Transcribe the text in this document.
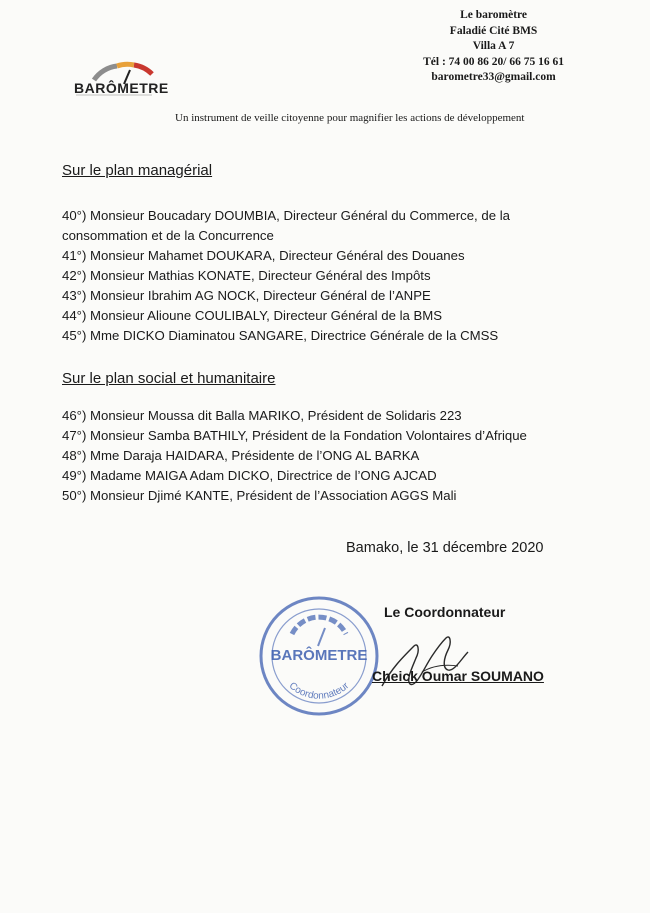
BARÔMETRE
Le baromètre
Faladié Cité BMS
Villa A 7
Tél : 74 00 86 20/ 66 75 16 61
barometre33@gmail.com
Un instrument de veille citoyenne pour magnifier les actions de développement
Sur le plan managérial

40°) Monsieur Boucadary DOUMBIA, Directeur Général du Commerce, de la consommation et de la Concurrence

41°) Monsieur Mahamet DOUKARA, Directeur Général des Douanes

42°) Monsieur Mathias KONATE, Directeur Général des Impôts

43°) Monsieur Ibrahim AG NOCK, Directeur Général de l’ANPE

44°) Monsieur Alioune COULIBALY, Directeur Général de la BMS

45°) Mme DICKO Diaminatou SANGARE, Directrice Générale de la CMSS

Sur le plan social et humanitaire

46°) Monsieur Moussa dit Balla MARIKO, Président de Solidaris 223

47°) Monsieur Samba BATHILY, Président de la Fondation Volontaires d’Afrique

48°) Mme Daraja HAIDARA, Présidente de l’ONG AL BARKA

49°) Madame MAIGA Adam DICKO, Directrice de l’ONG AJCAD

50°) Monsieur Djimé KANTE, Président de l’Association AGGS Mali

Bamako, le 31 décembre 2020
BARÔMETRE
Coordonnateur
Le Coordonnateur
Cheick Oumar SOUMANO
